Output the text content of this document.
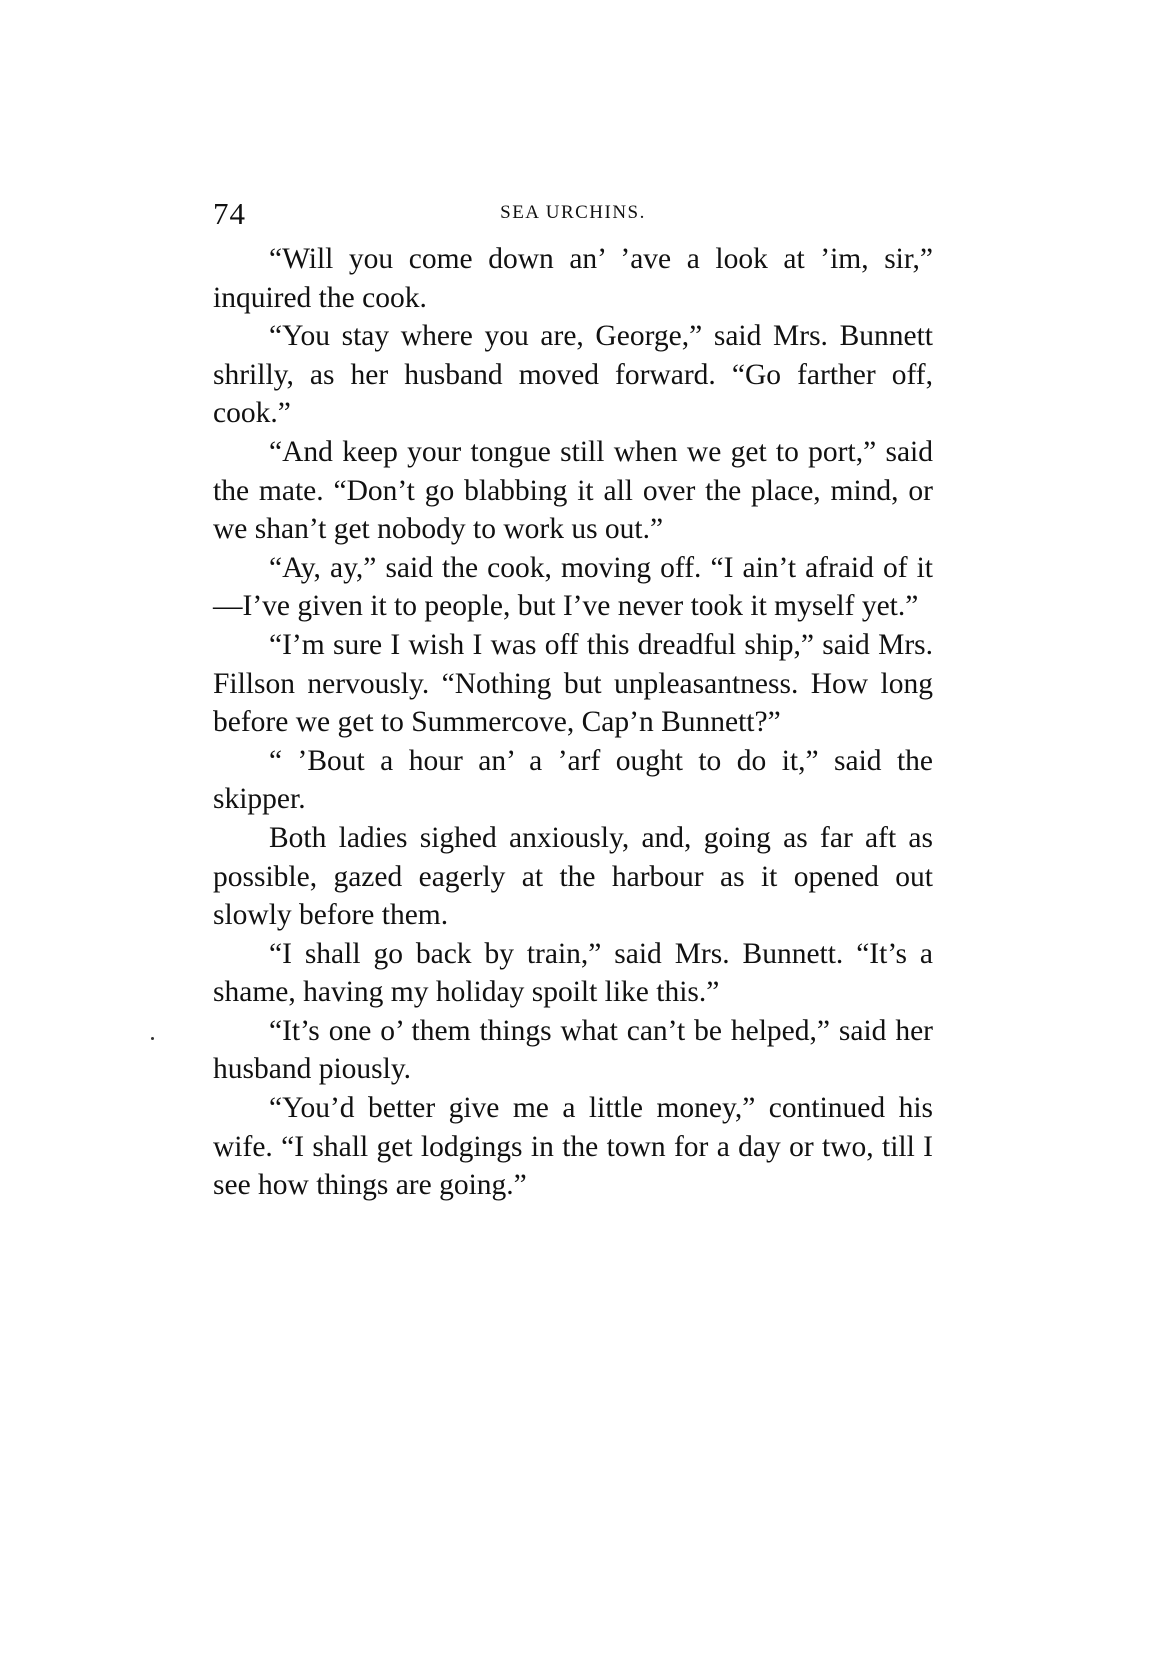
74	SEA URCHINS.

“Will you come down an’ ’ave a look at ’im, sir,” inquired the cook.

“You stay where you are, George,” said Mrs. Bunnett shrilly, as her husband moved forward. “Go farther off, cook.”

“And keep your tongue still when we get to port,” said the mate. “Don’t go blabbing it all over the place, mind, or we shan’t get nobody to work us out.”

“Ay, ay,” said the cook, moving off. “I ain’t afraid of it—I’ve given it to people, but I’ve never took it myself yet.”

“I’m sure I wish I was off this dreadful ship,” said Mrs. Fillson nervously. “Nothing but unpleasantness. How long before we get to Summercove, Cap’n Bunnett?”

“ ’Bout a hour an’ a ’arf ought to do it,” said the skipper.

Both ladies sighed anxiously, and, going as far aft as possible, gazed eagerly at the harbour as it opened out slowly before them.

“I shall go back by train,” said Mrs. Bunnett. “It’s a shame, having my holiday spoilt like this.”

“It’s one o’ them things what can’t be helped,” said her husband piously.

“You’d better give me a little money,” continued his wife. “I shall get lodgings in the town for a day or two, till I see how things are going.”
